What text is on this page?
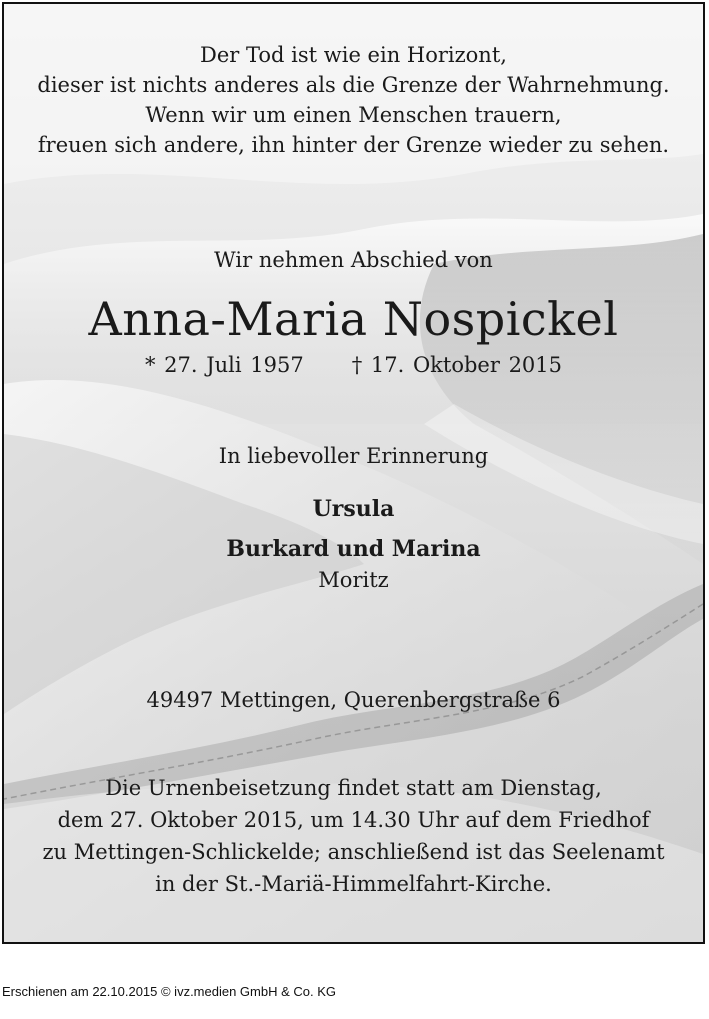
Der Tod ist wie ein Horizont,
dieser ist nichts anderes als die Grenze der Wahrnehmung.
Wenn wir um einen Menschen trauern,
freuen sich andere, ihn hinter der Grenze wieder zu sehen.
Wir nehmen Abschied von
Anna-Maria Nospickel
* 27. Juli 1957 † 17. Oktober 2015
In liebevoller Erinnerung
Ursula
Burkard und Marina
Moritz
49497 Mettingen, Querenbergstraße 6
Die Urnenbeisetzung findet statt am Dienstag,
dem 27. Oktober 2015, um 14.30 Uhr auf dem Friedhof
zu Mettingen-Schlickelde; anschließend ist das Seelenamt
in der St.-Mariä-Himmelfahrt-Kirche.
Erschienen am 22.10.2015 © ivz.medien GmbH & Co. KG
